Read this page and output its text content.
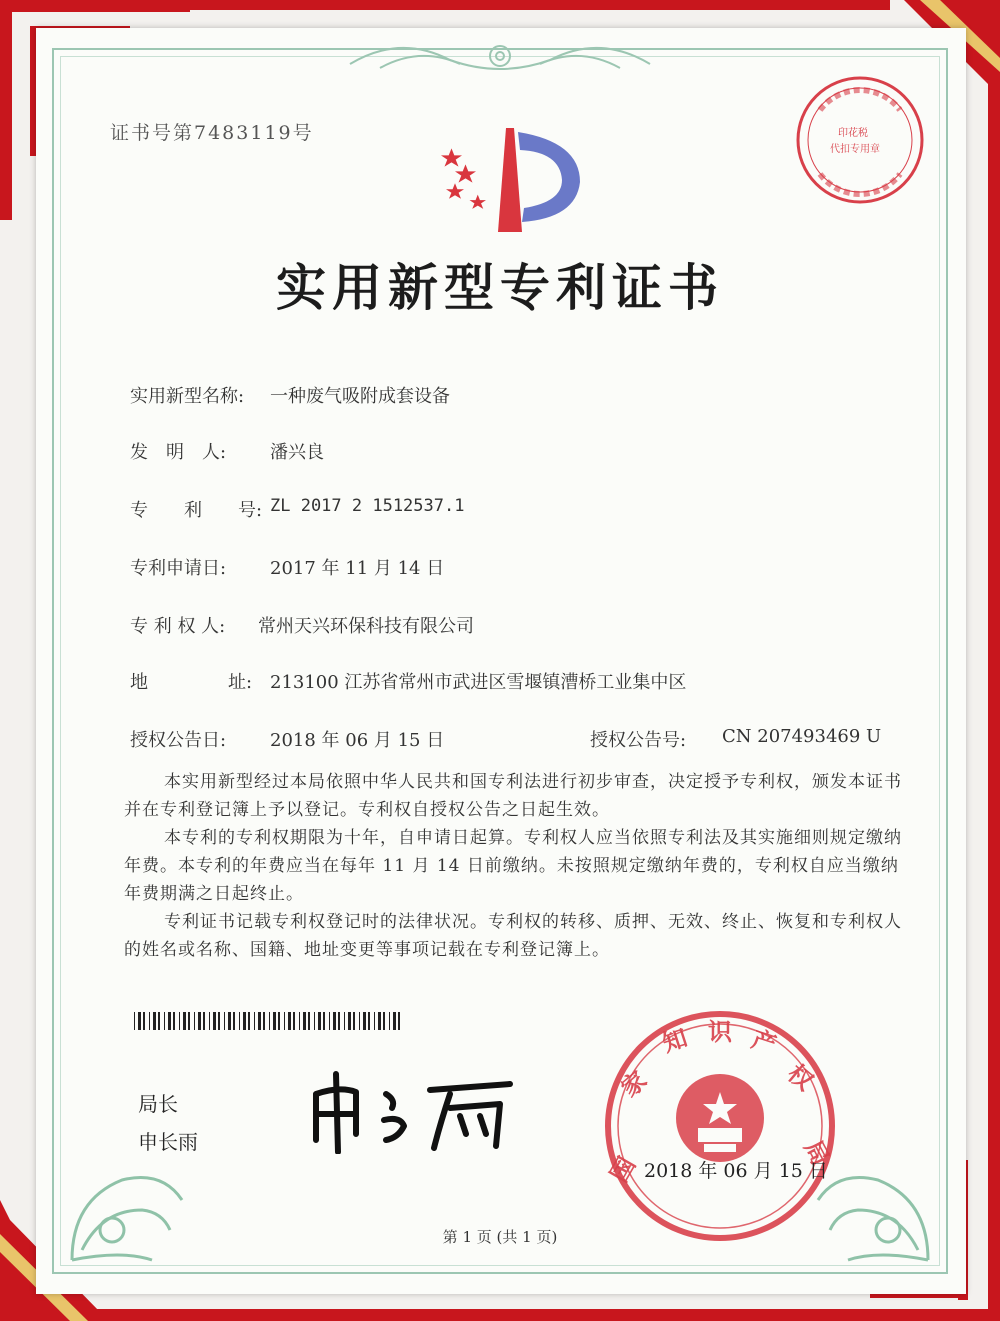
印花税
代扣专用章
证书号第7483119号
实用新型专利证书
实用新型名称: 一种废气吸附成套设备
发　明　人: 潘兴良
专　　利　　号: ZL 2017 2 1512537.1
专利申请日: 2017 年 11 月 14 日
专 利 权 人: 常州天兴环保科技有限公司
地	址: 213100 江苏省常州市武进区雪堰镇漕桥工业集中区
授权公告日: 2018 年 06 月 15 日	授权公告号: CN 207493469 U
本实用新型经过本局依照中华人民共和国专利法进行初步审查，决定授予专利权，颁发本证书并在专利登记簿上予以登记。专利权自授权公告之日起生效。
本专利的专利权期限为十年，自申请日起算。专利权人应当依照专利法及其实施细则规定缴纳年费。本专利的年费应当在每年 11 月 14 日前缴纳。未按照规定缴纳年费的，专利权自应当缴纳年费期满之日起终止。
专利证书记载专利权登记时的法律状况。专利权的转移、质押、无效、终止、恢复和专利权人的姓名或名称、国籍、地址变更等事项记载在专利登记簿上。
局长
申长雨
国
家
知 识 产
权
局
2018 年 06 月 15 日
第 1 页 (共 1 页)
